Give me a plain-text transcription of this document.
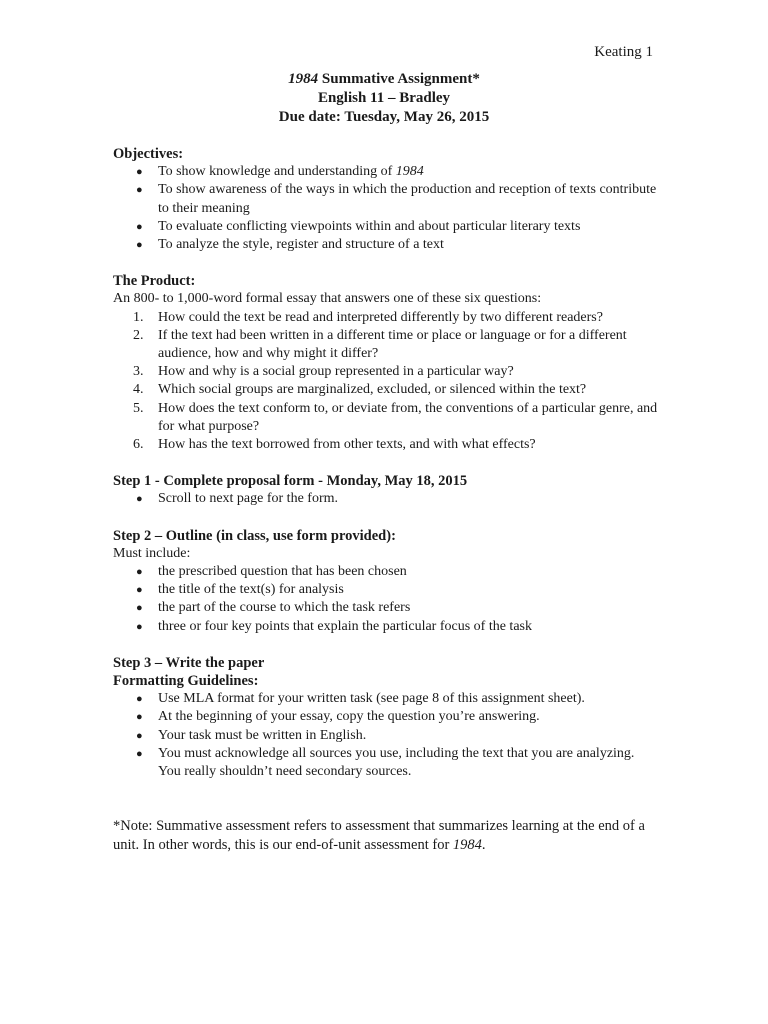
Keating 1
1984 Summative Assignment*
English 11 – Bradley
Due date: Tuesday, May 26, 2015
Objectives:
● To show knowledge and understanding of 1984
● To show awareness of the ways in which the production and reception of texts contribute to their meaning
● To evaluate conflicting viewpoints within and about particular literary texts
● To analyze the style, register and structure of a text
The Product:
An 800- to 1,000-word formal essay that answers one of these six questions:
1. How could the text be read and interpreted differently by two different readers?
2. If the text had been written in a different time or place or language or for a different audience, how and why might it differ?
3. How and why is a social group represented in a particular way?
4. Which social groups are marginalized, excluded, or silenced within the text?
5. How does the text conform to, or deviate from, the conventions of a particular genre, and for what purpose?
6. How has the text borrowed from other texts, and with what effects?
Step 1 - Complete proposal form - Monday, May 18, 2015
● Scroll to next page for the form.
Step 2 – Outline (in class, use form provided):
Must include:
● the prescribed question that has been chosen
● the title of the text(s) for analysis
● the part of the course to which the task refers
● three or four key points that explain the particular focus of the task
Step 3 – Write the paper
Formatting Guidelines:
● Use MLA format for your written task (see page 8 of this assignment sheet).
● At the beginning of your essay, copy the question you’re answering.
● Your task must be written in English.
● You must acknowledge all sources you use, including the text that you are analyzing. You really shouldn’t need secondary sources.
*Note: Summative assessment refers to assessment that summarizes learning at the end of a unit. In other words, this is our end-of-unit assessment for 1984.
